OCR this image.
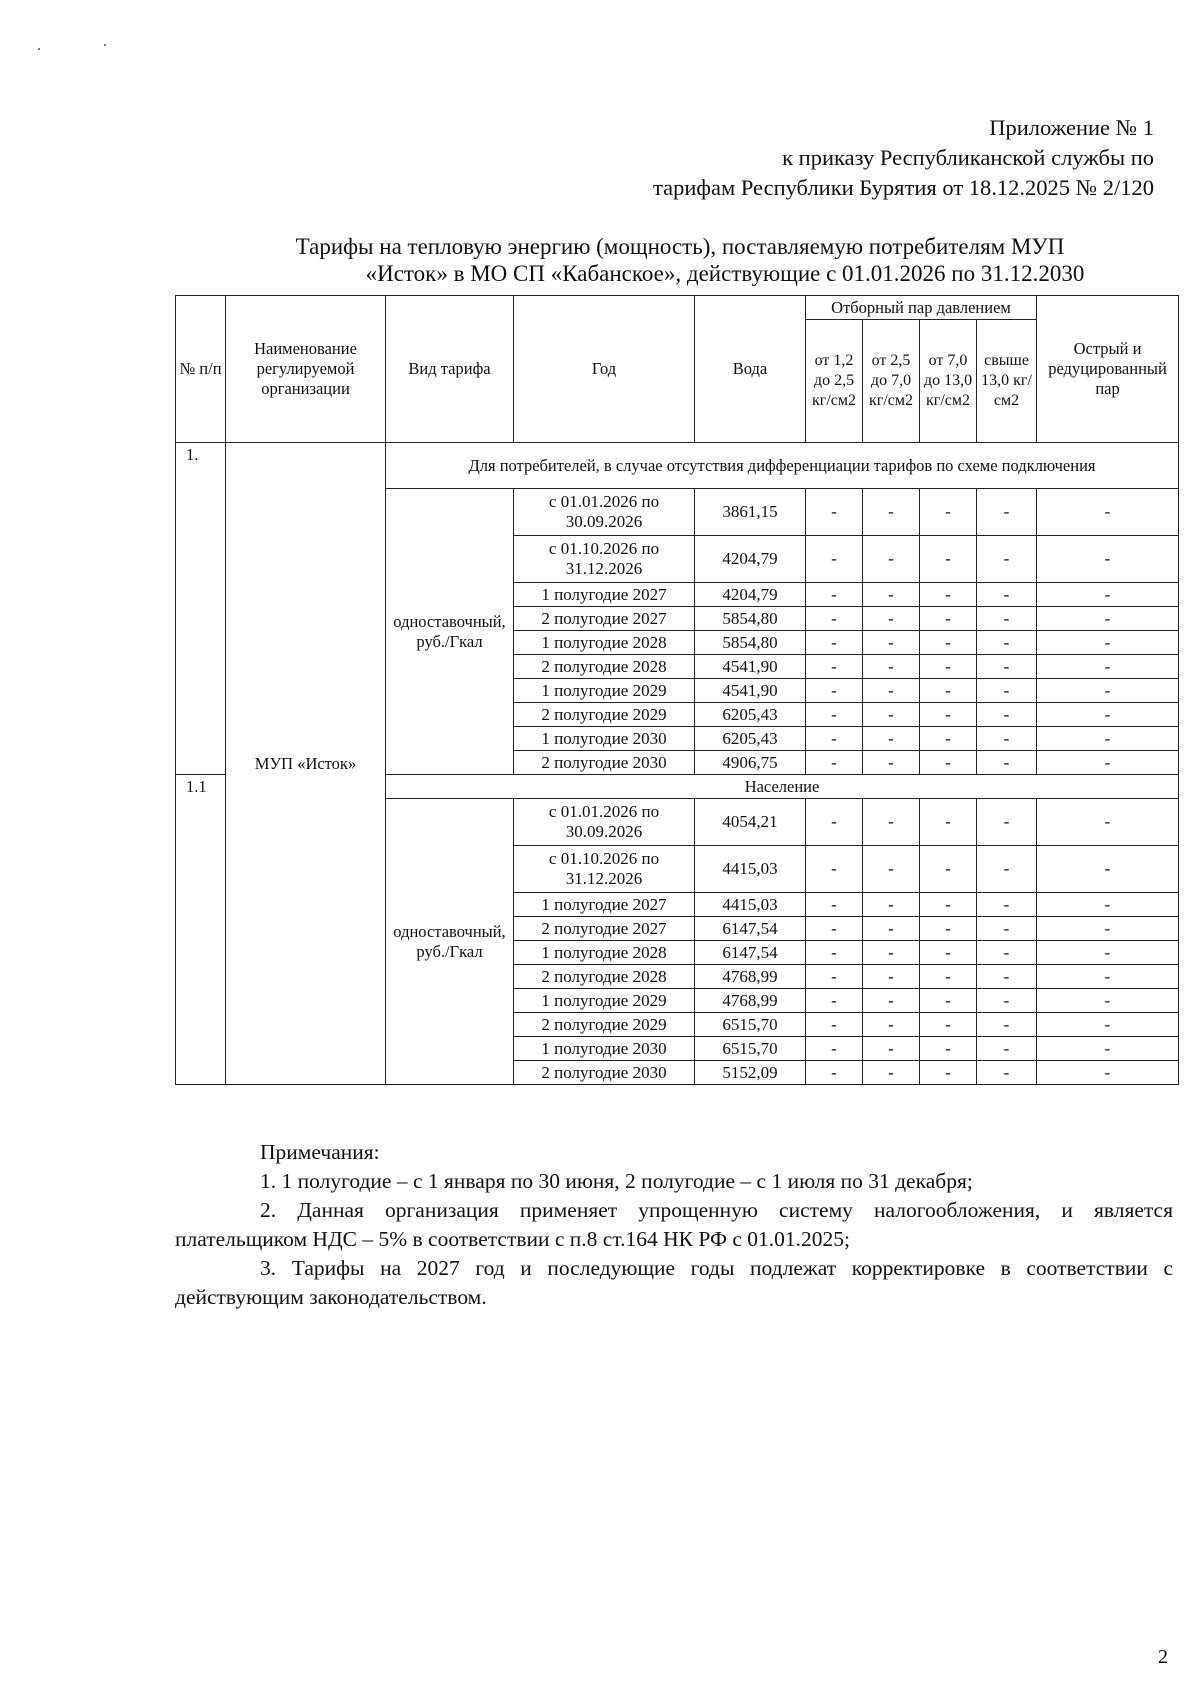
Приложение № 1
к приказу Республиканской службы по
тарифам Республики Бурятия от 18.12.2025 № 2/120
Тарифы на тепловую энергию (мощность), поставляемую потребителям МУП
«Исток» в МО СП «Кабанское», действующие с 01.01.2026 по 31.12.2030
№ п/п	Наименование регулируемой организации	Вид тарифа	Год	Вода	Отборный пар давлением				Острый и редуцированный пар
					от 1,2 до 2,5 кг/см2	от 2,5 до 7,0 кг/см2	от 7,0 до 13,0 кг/см2	свыше 13,0 кг/см2	
1.	МУП «Исток»	Для потребителей, в случае отсутствия дифференциации тарифов по схеме подключения							
		одноставочный, руб./Гкал	с 01.01.2026 по 30.09.2026	3861,15	-	-	-	-	-
			с 01.10.2026 по 31.12.2026	4204,79	-	-	-	-	-
			1 полугодие 2027	4204,79	-	-	-	-	-
			2 полугодие 2027	5854,80	-	-	-	-	-
			1 полугодие 2028	5854,80	-	-	-	-	-
			2 полугодие 2028	4541,90	-	-	-	-	-
			1 полугодие 2029	4541,90	-	-	-	-	-
			2 полугодие 2029	6205,43	-	-	-	-	-
			1 полугодие 2030	6205,43	-	-	-	-	-
			2 полугодие 2030	4906,75	-	-	-	-	-
1.1		Население							
		одноставочный, руб./Гкал	с 01.01.2026 по 30.09.2026	4054,21	-	-	-	-	-
			с 01.10.2026 по 31.12.2026	4415,03	-	-	-	-	-
			1 полугодие 2027	4415,03	-	-	-	-	-
			2 полугодие 2027	6147,54	-	-	-	-	-
			1 полугодие 2028	6147,54	-	-	-	-	-
			2 полугодие 2028	4768,99	-	-	-	-	-
			1 полугодие 2029	4768,99	-	-	-	-	-
			2 полугодие 2029	6515,70	-	-	-	-	-
			1 полугодие 2030	6515,70	-	-	-	-	-
			2 полугодие 2030	5152,09	-	-	-	-	-
Примечания:
1. 1 полугодие – с 1 января по 30 июня, 2 полугодие – с 1 июля по 31 декабря;
2. Данная организация применяет упрощенную систему налогообложения, и является плательщиком НДС – 5% в соответствии с п.8 ст.164 НК РФ с 01.01.2025;
3. Тарифы на 2027 год и последующие годы подлежат корректировке в соответствии с действующим законодательством.
2
